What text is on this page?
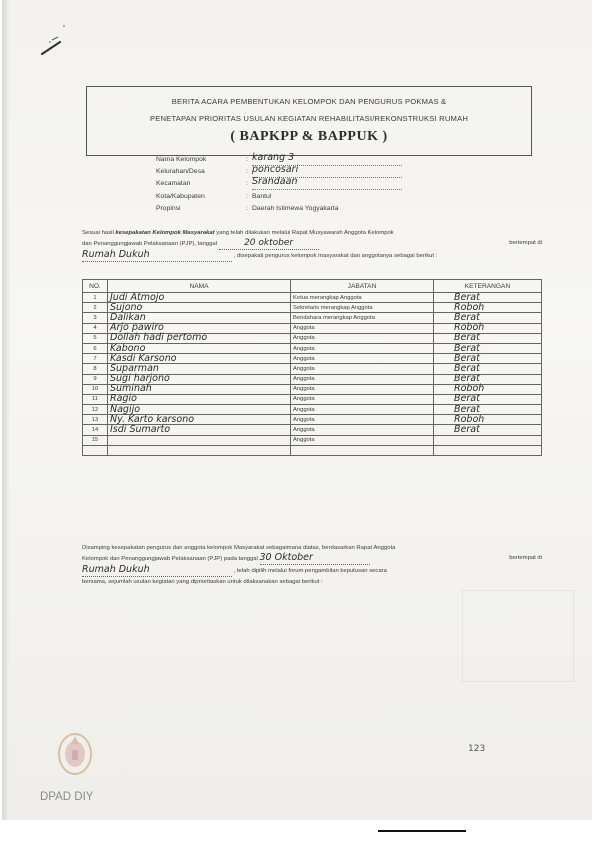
BERITA ACARA PEMBENTUKAN KELOMPOK DAN PENGURUS POKMAS &
PENETAPAN PRIORITAS USULAN KEGIATAN REHABILITASI/REKONSTRUKSI RUMAH
( BAPKPP & BAPPUK )
Nama Kelompok	: karang 3
Kelurahan/Desa	: poncosari
Kecamatan	: Srandaan
Kota/Kabupaten	: Bantul
Propinsi	: Daerah Istimewa Yogyakarta
Sesuai hasil kesepakatan Kelompok Masyarakat yang telah dilakukan melalui Rapat Musyawarah Anggota Kelompok
dan Penanggungjawab Pelaksanaan (PJP), tanggal	20 oktober	bertempat di
Rumah Dukuh	, disepakati pengurus kelompok masyarakat dan anggotanya sebagai berikut :
NO.	NAMA	JABATAN	KETERANGAN
1	Judi Atmojo	Ketua merangkap Anggota	Berat
2	Sujono	Sekretaris merangkap Anggota	Roboh
3	Dalikan	Bendahara merangkap Anggota	Berat
4	Arjo pawiro	Anggota	Roboh
5	Dollah hadi pertomo	Anggota	Berat
6	Kabono	Anggota	Berat
7	Kasdi Karsono	Anggota	Berat
8	Suparman	Anggota	Berat
9	Sugi harjono	Anggota	Berat
10	Suminah	Anggota	Roboh
11	Ragio	Anggota	Berat
12	Nagijo	Anggota	Berat
13	Ny. Karto karsono	Anggota	Roboh
14	Isdi Sumarto	Anggota	Berat
15		Anggota	

Disamping kesepakatan pengurus dan anggota kelompok Masyarakat sebagaimana diatas, berdasarkan Rapat Anggota
Kelompok dan Penanggungjawab Pelaksanaan (PJP) pada tanggal 30 Oktober	bertempat di
Rumah Dukuh	, telah dipilih melalui forum pengambilan keputusan secara
bersama, sejumlah usulan kegiatan yang diprioritaskan untuk dilaksanakan sebagai berikut :
123
DPAD DIY
